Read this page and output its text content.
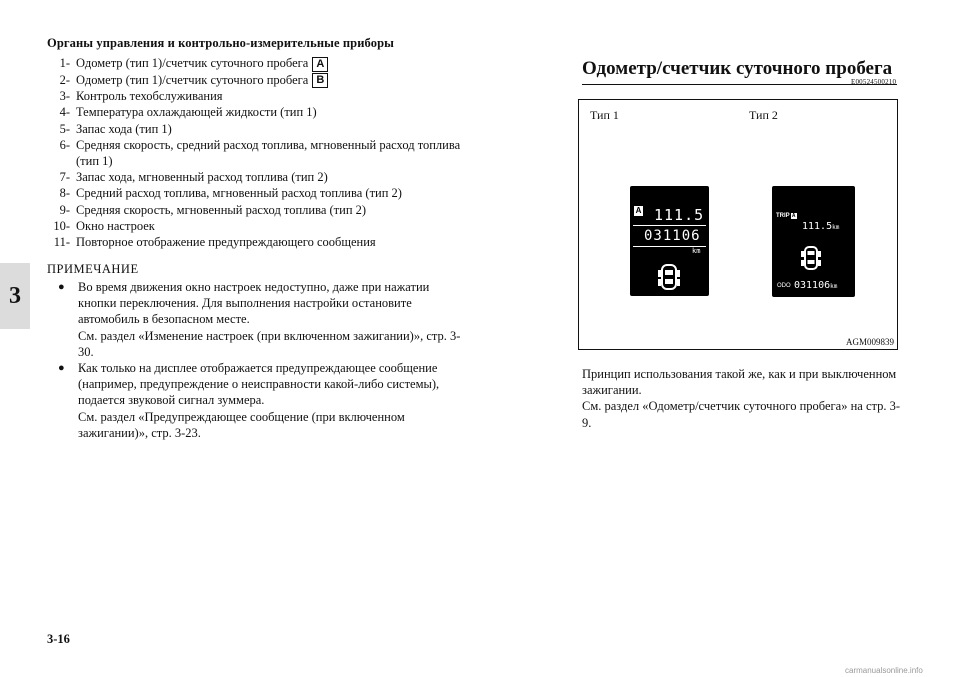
Органы управления и контрольно-измерительные приборы
3
1- Одометр (тип 1)/счетчик суточного пробега A
2- Одометр (тип 1)/счетчик суточного пробега B
3- Контроль техобслуживания
4- Температура охлаждающей жидкости (тип 1)
5- Запас хода (тип 1)
6- Средняя скорость, средний расход топлива, мгновенный расход топлива (тип 1)
7- Запас хода, мгновенный расход топлива (тип 2)
8- Средний расход топлива, мгновенный расход топлива (тип 2)
9- Средняя скорость, мгновенный расход топлива (тип 2)
10- Окно настроек
11- Повторное отображение предупреждающего сообщения
ПРИМЕЧАНИЕ
●	Во время движения окно настроек недоступно, даже при нажатии кнопки переключения. Для выполнения настройки остановите автомобиль в безопасном месте.
См. раздел «Изменение настроек (при включенном зажигании)», стр. 3-30.
●	Как только на дисплее отображается предупреждающее сообщение (например, предупреждение о неисправности какой-либо системы), подается звуковой сигнал зуммера.
См. раздел «Предупреждающее сообщение (при включенном зажигании)», стр. 3-23.
Одометр/счетчик суточного пробега
E00524500210
Тип 1	Тип 2
A 111.5
031106
km
TRIP A
111.5km
ODO 031106km
AGM009839
Принцип использования такой же, как и при выключенном зажигании.
См. раздел «Одометр/счетчик суточного пробега» на стр. 3-9.
3-16
carmanualsonline.info
